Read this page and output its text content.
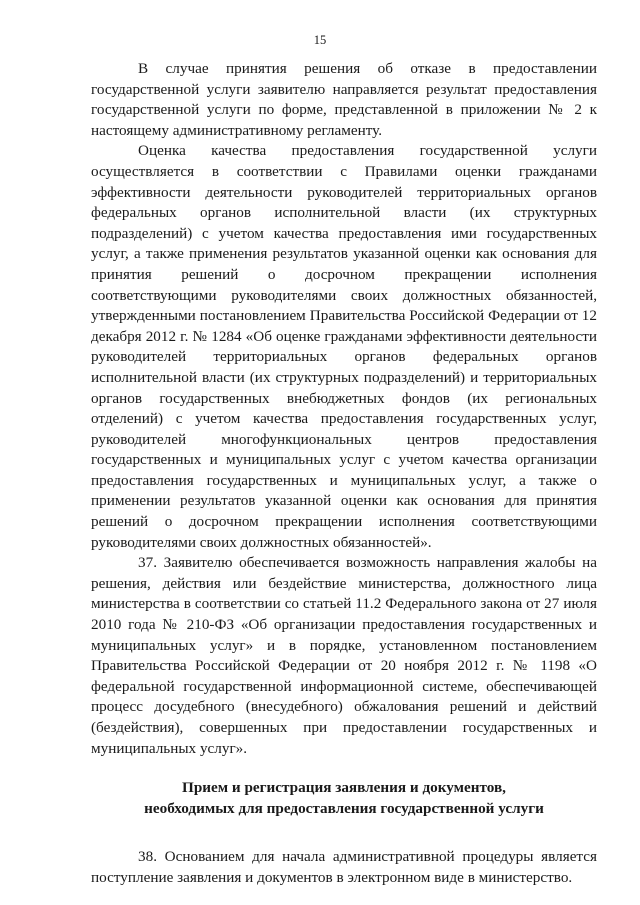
15

В случае принятия решения об отказе в предоставлении государственной услуги заявителю направляется результат предоставления государственной услуги по форме, представленной в приложении № 2 к настоящему административному регламенту.

Оценка качества предоставления государственной услуги осуществляется в соответствии с Правилами оценки гражданами эффективности деятельности руководителей территориальных органов федеральных органов исполнительной власти (их структурных подразделений) с учетом качества предоставления ими государственных услуг, а также применения результатов указанной оценки как основания для принятия решений о досрочном прекращении исполнения соответствующими руководителями своих должностных обязанностей, утвержденными постановлением Правительства Российской Федерации от 12 декабря 2012 г. № 1284 «Об оценке гражданами эффективности деятельности руководителей территориальных органов федеральных органов исполнительной власти (их структурных подразделений) и территориальных органов государственных внебюджетных фондов (их региональных отделений) с учетом качества предоставления государственных услуг, руководителей многофункциональных центров предоставления государственных и муниципальных услуг с учетом качества организации предоставления государственных и муниципальных услуг, а также о применении результатов указанной оценки как основания для принятия решений о досрочном прекращении исполнения соответствующими руководителями своих должностных обязанностей».

37. Заявителю обеспечивается возможность направления жалобы на решения, действия или бездействие министерства, должностного лица министерства в соответствии со статьей 11.2 Федерального закона от 27 июля 2010 года № 210-ФЗ «Об организации предоставления государственных и муниципальных услуг» и в порядке, установленном постановлением Правительства Российской Федерации от 20 ноября 2012 г. № 1198 «О федеральной государственной информационной системе, обеспечивающей процесс досудебного (внесудебного) обжалования решений и действий (бездействия), совершенных при предоставлении государственных и муниципальных услуг».

Прием и регистрация заявления и документов,
необходимых для предоставления государственной услуги

38. Основанием для начала административной процедуры является поступление заявления и документов в электронном виде в министерство.
